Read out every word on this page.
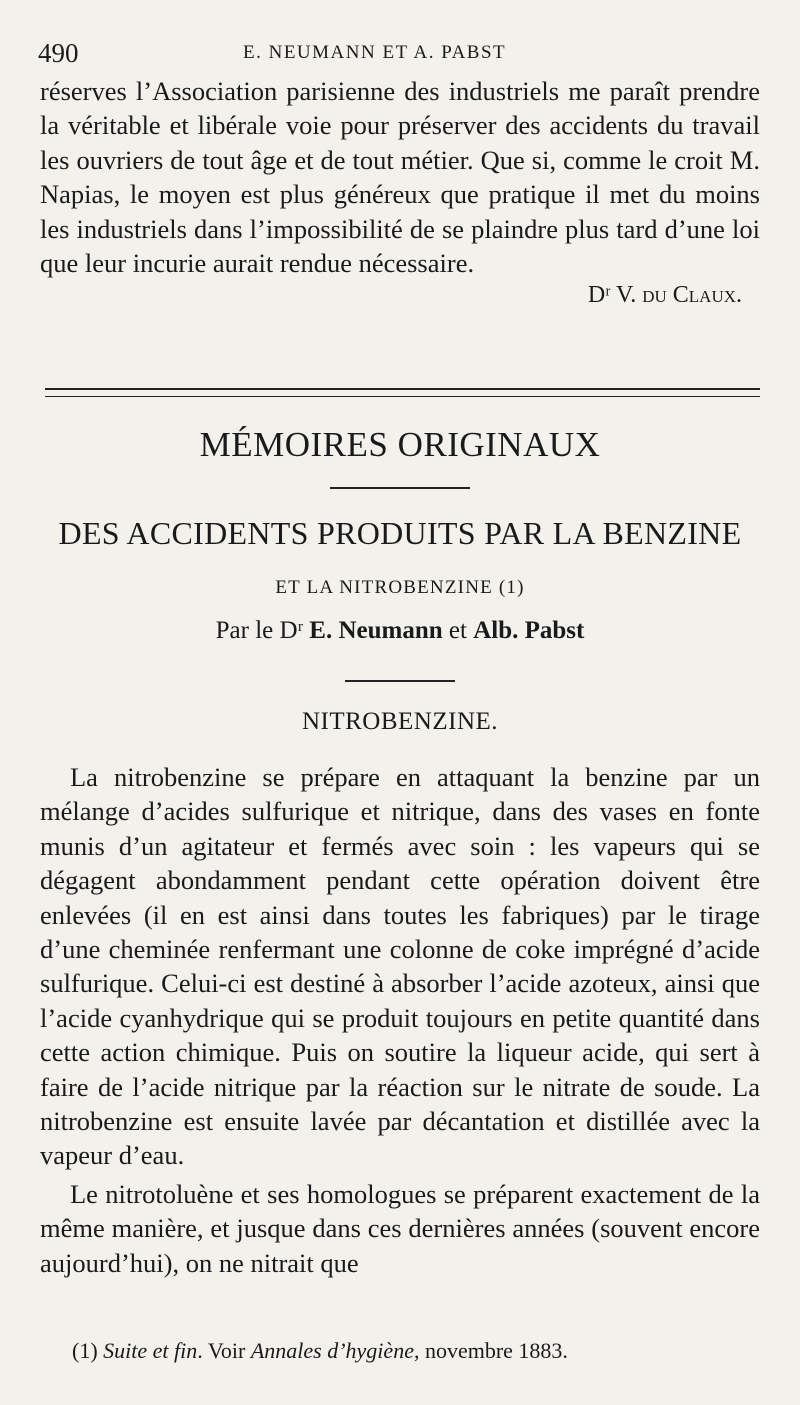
490	E. NEUMANN ET A. PABST

réserves l’Association parisienne des industriels me paraît prendre la véritable et libérale voie pour préserver des accidents du travail les ouvriers de tout âge et de tout métier. Que si, comme le croit M. Napias, le moyen est plus généreux que pratique il met du moins les industriels dans l’impossibilité de se plaindre plus tard d’une loi que leur incurie aurait rendue nécessaire.

Dʳ V. du Claux.

MÉMOIRES ORIGINAUX
DES ACCIDENTS PRODUITS PAR LA BENZINE
ET LA NITROBENZINE (1)
Par le Dʳ E. Neumann et Alb. Pabst
NITROBENZINE.

La nitrobenzine se prépare en attaquant la benzine par un mélange d’acides sulfurique et nitrique, dans des vases en fonte munis d’un agitateur et fermés avec soin : les vapeurs qui se dégagent abondamment pendant cette opération doivent être enlevées (il en est ainsi dans toutes les fabriques) par le tirage d’une cheminée renfermant une colonne de coke imprégné d’acide sulfurique. Celui-ci est destiné à absorber l’acide azoteux, ainsi que l’acide cyanhydrique qui se produit toujours en petite quantité dans cette action chimique. Puis on soutire la liqueur acide, qui sert à faire de l’acide nitrique par la réaction sur le nitrate de soude. La nitrobenzine est ensuite lavée par décantation et distillée avec la vapeur d’eau.

Le nitrotoluène et ses homologues se préparent exactement de la même manière, et jusque dans ces dernières années (souvent encore aujourd’hui), on ne nitrait que

(1) Suite et fin. Voir Annales d’hygiène, novembre 1883.
